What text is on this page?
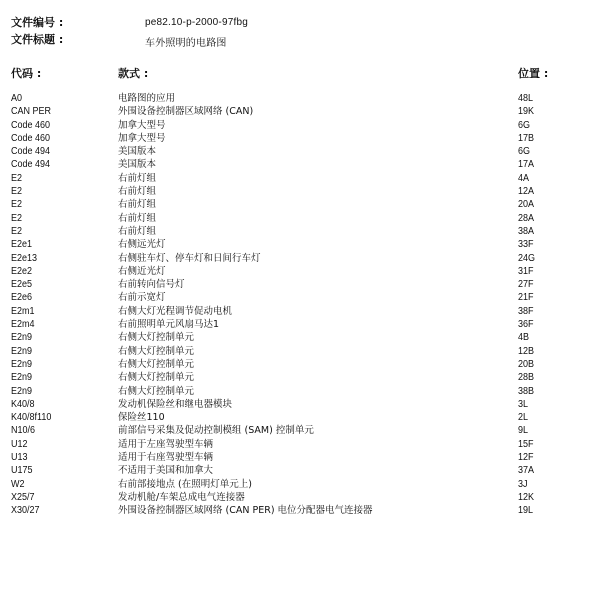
文件编号 :	pe82.10-p-2000-97fbg
文件标题 :	车外照明的电路图
代码 :	款式 :	位置 :
A0	电路图的应用	48L
CAN PER	外围设备控制器区域网络 (CAN)	19K
Code 460	加拿大型号	6G
Code 460	加拿大型号	17B
Code 494	美国版本	6G
Code 494	美国版本	17A
E2	右前灯组	4A
E2	右前灯组	12A
E2	右前灯组	20A
E2	右前灯组	28A
E2	右前灯组	38A
E2e1	右侧远光灯	33F
E2e13	右侧驻车灯、停车灯和日间行车灯	24G
E2e2	右侧近光灯	31F
E2e5	右前转向信号灯	27F
E2e6	右前示宽灯	21F
E2m1	右侧大灯光程调节促动电机	38F
E2m4	右前照明单元风扇马达1	36F
E2n9	右侧大灯控制单元	4B
E2n9	右侧大灯控制单元	12B
E2n9	右侧大灯控制单元	20B
E2n9	右侧大灯控制单元	28B
E2n9	右侧大灯控制单元	38B
K40/8	发动机保险丝和继电器模块	3L
K40/8f110	保险丝110	2L
N10/6	前部信号采集及促动控制模组 (SAM) 控制单元	9L
U12	适用于左座驾驶型车辆	15F
U13	适用于右座驾驶型车辆	12F
U175	不适用于美国和加拿大	37A
W2	右前部接地点 (在照明灯单元上)	3J
X25/7	发动机舱/车架总成电气连接器	12K
X30/27	外围设备控制器区域网络 (CAN PER) 电位分配器电气连接器	19L
